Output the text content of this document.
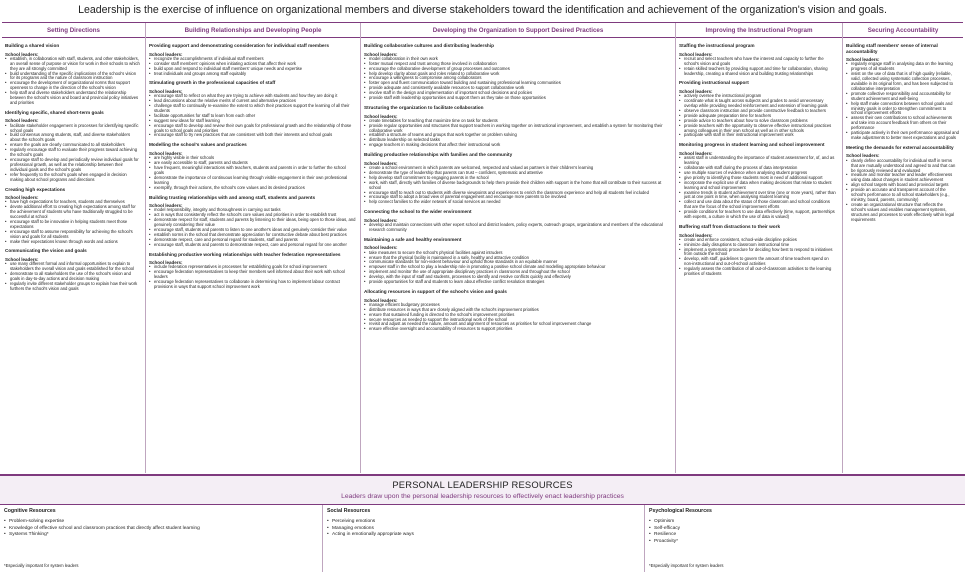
Leadership is the exercise of influence on organizational members and diverse stakeholders toward the identification and achievement of the organization's vision and goals.
Setting Directions
Building a shared vision
School leaders:
• establish, in collaboration with staff, students, and other stakeholders, an overall sense of purpose or vision for work in their schools to which they are all strongly committed
• build understanding of the specific implications of the school's vision for its programs and the nature of classroom instruction
• encourage the development of organizational norms that support openness to change in the direction of the school's vision
• help staff and diverse stakeholders understand the relationship between the school's vision and board and provincial policy initiatives and priorities
Identifying specific, shared short-term goals
School leaders:
• facilitate stakeholder engagement in processes for identifying specific school goals
• build consensus among students, staff, and diverse stakeholders about the school's goals
• ensure the goals are clearly communicated to all stakeholders
• regularly encourage staff to evaluate their progress toward achieving the school's goals
• encourage staff to develop and periodically review individual goals for professional growth, as well as the relationship between their individual goals and the school's goals
• refer frequently to the school's goals when engaged in decision making about school programs and directions
Creating high expectations
School leaders:
• have high expectations for teachers, students and themselves
• devote additional effort to creating high expectations among staff for the achievement of students who have traditionally struggled to be successful at school
• encourage staff to be innovative in helping students meet those expectations
• encourage staff to assume responsibility for achieving the school's vision and goals for all students
• make their expectations known through words and actions
Communicating the vision and goals
School leaders:
• use many different formal and informal opportunities to explain to stakeholders the overall vision and goals established for the school
• demonstrate to all stakeholders the use of the school's vision and goals in day-to-day actions and decision making
• regularly invite different stakeholder groups to explain how their work furthers the school's vision and goals
Building Relationships and Developing People
Providing support and demonstrating consideration for individual staff members
School leaders:
• recognize the accomplishments of individual staff members
• consider staff members' opinions when initiating actions that affect their work
• build upon and respond to individual staff members' unique needs and expertise
• treat individuals and groups among staff equitably
Stimulating growth in the professional capacities of staff
School leaders:
• encourage staff to reflect on what they are trying to achieve with students and how they are doing it
• lead discussions about the relative merits of current and alternative practices
• challenge staff to continually re-examine the extent to which their practices support the learning of all their students
• facilitate opportunities for staff to learn from each other
• suggest new ideas for staff learning
• encourage staff to develop and review their own goals for professional growth and the relationship of those goals to school goals and priorities
• encourage staff to try new practices that are consistent with both their interests and school goals
Modelling the school's values and practices
School leaders:
• are highly visible in their schools
• are easily accessible to staff, parents and students
• have frequent, meaningful interactions with teachers, students and parents in order to further the school goals
• demonstrate the importance of continuous learning through visible engagement in their own professional learning
• exemplify, through their actions, the school's core values and its desired practices
Building trusting relationships with and among staff, students and parents
School leaders:
• model responsibility, integrity and thoroughness in carrying out tasks
• act in ways that consistently reflect the school's core values and priorities in order to establish trust
• demonstrate respect for staff, students and parents by listening to their ideas, being open to those ideas, and genuinely considering their value
• encourage staff, students and parents to listen to one another's ideas and genuinely consider their value
• establish norms in the school that demonstrate appreciation for constructive debate about best practices
• demonstrate respect, care and personal regard for students, staff and parents
• encourage staff, students and parents to demonstrate respect, care and personal regard for one another
Establishing productive working relationships with teacher federation representatives
School leaders:
• include federation representatives in processes for establishing goals for school improvement
• encourage federation representatives to keep their members well informed about their work with school leaders
• encourage federation representatives to collaborate in determining how to implement labour contract provisions in ways that support school improvement work
Developing the Organization to Support Desired Practices
Building collaborative cultures and distributing leadership
School leaders:
• model collaboration in their own work
• foster mutual respect and trust among those involved in collaboration
• encourage the collaborative development of group processes and outcomes
• help develop clarity about goals and roles related to collaborative work
• encourage a willingness to compromise among collaborators
• foster open and fluent communication toward building and sustaining professional learning communities
• provide adequate and consistently available resources to support collaborative work
• involve staff in the design and implementation of important school decisions and policies
• provide staff with leadership opportunities and support them as they take on those opportunities
Structuring the organization to facilitate collaboration
School leaders:
• create timetables for teaching that maximize time on task for students
• provide regular opportunities and structures that support teachers in working together on instructional improvement, and establish a system for monitoring their collaborative work
• establish a structure of teams and groups that work together on problem solving
• distribute leadership on selected tasks
• engage teachers in making decisions that affect their instructional work
Building productive relationships with families and the community
School leaders:
• create a school environment in which parents are welcomed, respected and valued as partners in their children's learning
• demonstrate the type of leadership that parents can trust – confident, systematic and attentive
• help develop staff commitment to engaging parents in the school
• work, with staff, directly with families of diverse backgrounds to help them provide their children with support in the home that will contribute to their success at school
• encourage staff to reach out to students with diverse viewpoints and experiences to enrich the classroom experience and help all students feel included
• encourage staff to adopt a broad view of parental engagement and encourage more parents to be involved
• help connect families to the wider network of social services as needed
Connecting the school to the wider environment
School leaders:
• develop and maintain connections with other expert school and district leaders, policy experts, outreach groups, organizations and members of the educational research community
Maintaining a safe and healthy environment
School leaders:
• take measures to secure the school's physical facilities against intruders
• ensure that the physical facility is maintained in a safe, healthy and attractive condition
• communicate standards for non-violent behaviour and uphold those standards in an equitable manner
• empower staff in the school to play a leadership role in promoting a positive school climate and modelling appropriate behaviour
• implement and monitor the use of appropriate disciplinary practices in classrooms and throughout the school
• develop, with the input of staff and students, processes to identify and resolve conflicts quickly and effectively
• provide opportunities for staff and students to learn about effective conflict resolution strategies
Allocating resources in support of the school's vision and goals
School leaders:
• manage efficient budgetary processes
• distribute resources in ways that are closely aligned with the school's improvement priorities
• ensure that sustained funding is directed to the school's improvement priorities
• secure resources as needed to support the instructional work of the school
• revisit and adjust as needed the nature, amount and alignment of resources as priorities for school improvement change
• ensure effective oversight and accountability of resources to support priorities
Improving the Instructional Program
Staffing the instructional program
School leaders:
• recruit and select teachers who have the interest and capacity to further the school's vision and goals
• retain skilled teachers by providing support and time for collaboration, sharing leadership, creating a shared vision and building trusting relationships
Providing instructional support
School leaders:
• actively oversee the instructional program
• coordinate what is taught across subjects and grades to avoid unnecessary overlap while providing needed reinforcement and extension of learning goals
• observe classroom instruction and provide constructive feedback to teachers
• provide adequate preparation time for teachers
• provide advice to teachers about how to solve classroom problems
• provide teachers with the opportunity to observe effective instructional practices among colleagues in their own school as well as in other schools
• participate with staff in their instructional improvement work
Monitoring progress in student learning and school improvement
School leaders:
• assist staff in understanding the importance of student assessment for, of, and as learning
• collaborate with staff during the process of data interpretation
• use multiple sources of evidence when analysing student progress
• give priority to identifying those students most in need of additional support
• incorporate the explicit use of data when making decisions that relate to student learning and school improvement
• examine trends in student achievement over time (one or more years), rather than just at one point in time, when analysing student learning
• collect and use data about the status of those classroom and school conditions that are the focus of the school improvement efforts
• provide conditions for teachers to use data effectively (time, support, partnerships with experts, a culture in which the use of data is valued)
Buffering staff from distractions to their work
School leaders:
• create and enforce consistent, school-wide discipline policies
• minimize daily disruptions to classroom instructional time
• implement a systematic procedure for deciding how best to respond to initiatives from outside the school
• develop, with staff, guidelines to govern the amount of time teachers spend on non-instructional and out-of-school activities
• regularly assess the contribution of all out-of-classroom activities to the learning priorities of students
Securing Accountability
Building staff members' sense of internal accountability
School leaders:
• regularly engage staff in analysing data on the learning progress of all students
• insist on the use of data that is of high quality (reliable, valid, collected using systematic collection processes, available in its original form, and has been subjected to collaborative interpretation
• promote collective responsibility and accountability for student achievement and well-being
• help staff make connections between school goals and ministry goals in order to strengthen commitment to school improvement efforts
• assess their own contributions to school achievements and take into account feedback from others on their performance
• participate actively in their own performance appraisal and make adjustments to better meet expectations and goals
Meeting the demands for external accountability
School leaders:
• clearly define accountability for individual staff in terms that are mutually understood and agreed to and that can be rigorously reviewed and evaluated
• measure and monitor teacher and leader effectiveness using data about changes in student achievement
• align school targets with board and provincial targets
• provide an accurate and transparent account of the school's performance to all school stakeholders (e.g., ministry, board, parents, community)
• create an organizational structure that reflects the school's values and enables management systems, structures and processes to work effectively within legal requirements
PERSONAL LEADERSHIP RESOURCES
Leaders draw upon the personal leadership resources to effectively enact leadership practices
Cognitive Resources
• Problem-solving expertise
• Knowledge of effective school and classroom practices that directly affect student learning
• Systems Thinking*
*Especially important for system leaders
Social Resources
• Perceiving emotions
• Managing emotions
• Acting in emotionally appropriate ways
Psychological Resources
• Optimism
• Self-efficacy
• Resilience
• Proactivity*
*Especially important for system leaders
